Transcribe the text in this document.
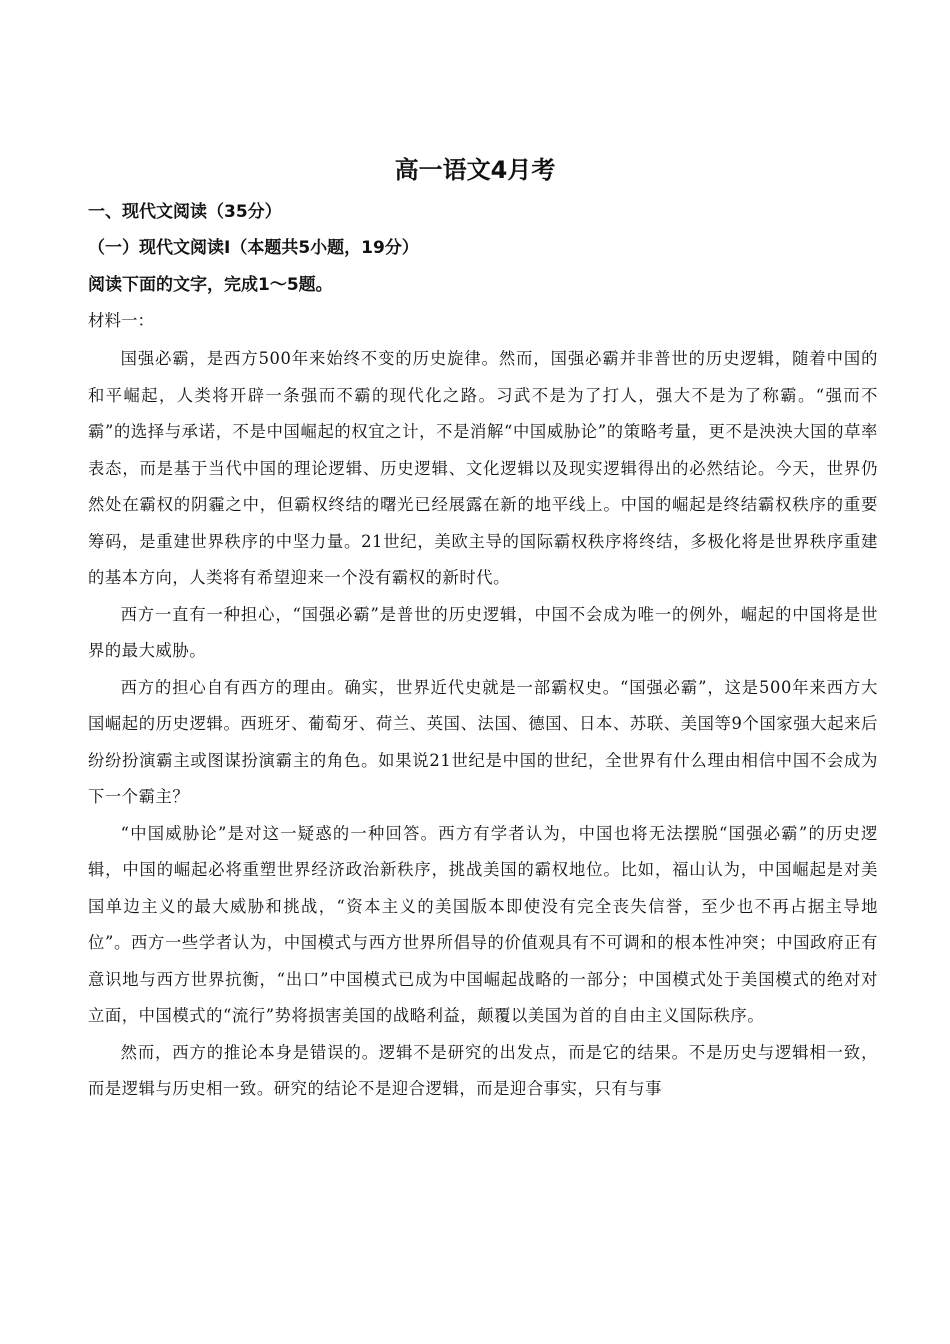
高一语文4月考
一、现代文阅读（35分）
（一）现代文阅读Ⅰ（本题共5小题，19分）
阅读下面的文字，完成1～5题。
材料一：

国强必霸，是西方500年来始终不变的历史旋律。然而，国强必霸并非普世的历史逻辑，随着中国的和平崛起，人类将开辟一条强而不霸的现代化之路。习武不是为了打人，强大不是为了称霸。“强而不霸”的选择与承诺，不是中国崛起的权宜之计，不是消解“中国威胁论”的策略考量，更不是泱泱大国的草率表态，而是基于当代中国的理论逻辑、历史逻辑、文化逻辑以及现实逻辑得出的必然结论。今天，世界仍然处在霸权的阴霾之中，但霸权终结的曙光已经展露在新的地平线上。中国的崛起是终结霸权秩序的重要筹码，是重建世界秩序的中坚力量。21世纪，美欧主导的国际霸权秩序将终结，多极化将是世界秩序重建的基本方向，人类将有希望迎来一个没有霸权的新时代。

西方一直有一种担心，“国强必霸”是普世的历史逻辑，中国不会成为唯一的例外，崛起的中国将是世界的最大威胁。

西方的担心自有西方的理由。确实，世界近代史就是一部霸权史。“国强必霸”，这是500年来西方大国崛起的历史逻辑。西班牙、葡萄牙、荷兰、英国、法国、德国、日本、苏联、美国等9个国家强大起来后纷纷扮演霸主或图谋扮演霸主的角色。如果说21世纪是中国的世纪，全世界有什么理由相信中国不会成为下一个霸主？

“中国威胁论”是对这一疑惑的一种回答。西方有学者认为，中国也将无法摆脱“国强必霸”的历史逻辑，中国的崛起必将重塑世界经济政治新秩序，挑战美国的霸权地位。比如，福山认为，中国崛起是对美国单边主义的最大威胁和挑战，“资本主义的美国版本即使没有完全丧失信誉，至少也不再占据主导地位”。西方一些学者认为，中国模式与西方世界所倡导的价值观具有不可调和的根本性冲突；中国政府正有意识地与西方世界抗衡，“出口”中国模式已成为中国崛起战略的一部分；中国模式处于美国模式的绝对对立面，中国模式的“流行”势将损害美国的战略利益，颠覆以美国为首的自由主义国际秩序。

然而，西方的推论本身是错误的。逻辑不是研究的出发点，而是它的结果。不是历史与逻辑相一致，而是逻辑与历史相一致。研究的结论不是迎合逻辑，而是迎合事实，只有与事
